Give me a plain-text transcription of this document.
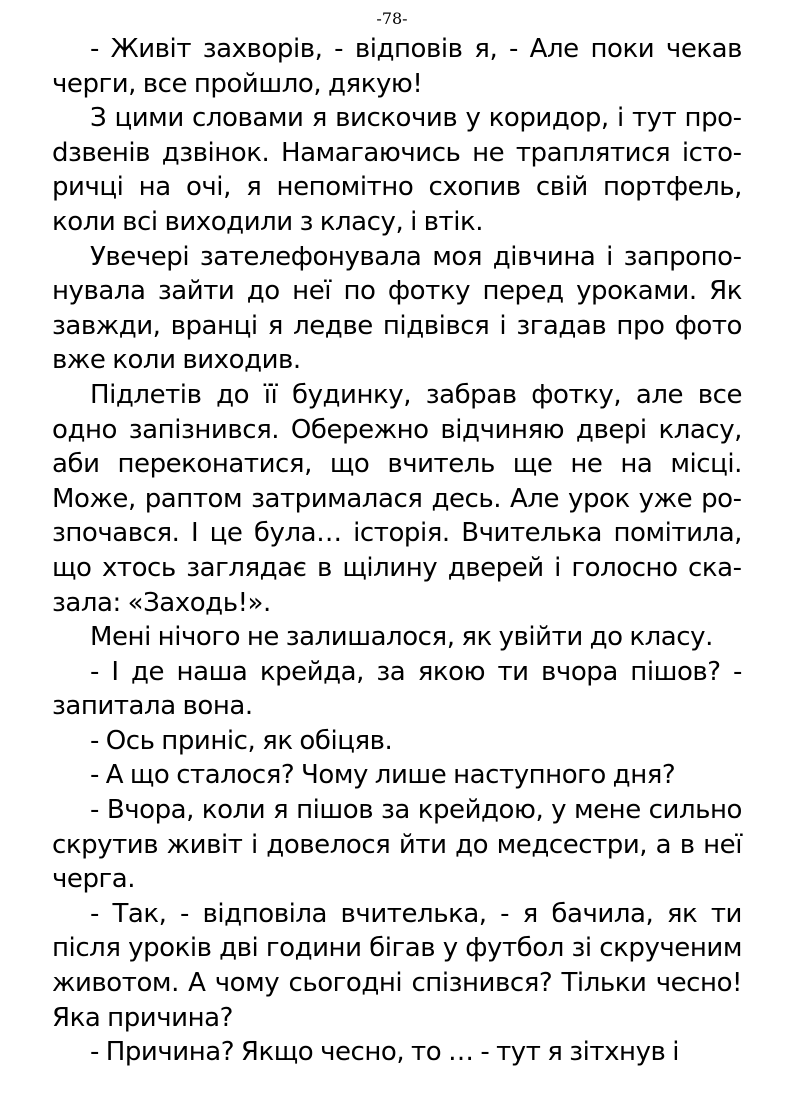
-78-

- Живіт захворів, - відповів я, - Але поки чекав черги, все пройшло, дякую!

З цими словами я вискочив у коридор, і тут проdзвенів дзвінок. Намагаючись не траплятися історичці на очі, я непомітно схопив свій портфель, коли всі виходили з класу, і втік.

Увечері зателефонувала моя дівчина і запропонувала зайти до неї по фотку перед уроками. Як завжди, вранці я ледве підвівся і згадав про фото вже коли виходив.

Підлетів до її будинку, забрав фотку, але все одно запізнився. Обережно відчиняю двері класу, аби переконатися, що вчитель ще не на місці. Може, раптом затрималася десь. Але урок уже розпочався. І це була… історія. Вчителька помітила, що хтось заглядає в щілину дверей і голосно сказала: «Заходь!».

Мені нічого не залишалося, як увійти до класу.

- І де наша крейда, за якою ти вчора пішов? - запитала вона.

- Ось приніс, як обіцяв.

- А що сталося? Чому лише наступного дня?

- Вчора, коли я пішов за крейдою, у мене сильно скрутив живіт і довелося йти до медсестри, а в неї черга.

- Так, - відповіла вчителька, - я бачила, як ти після уроків дві години бігав у футбол зі скрученим животом. А чому сьогодні спізнився? Тільки чесно! Яка причина?

- Причина? Якщо чесно, то … - тут я зітхнув і
